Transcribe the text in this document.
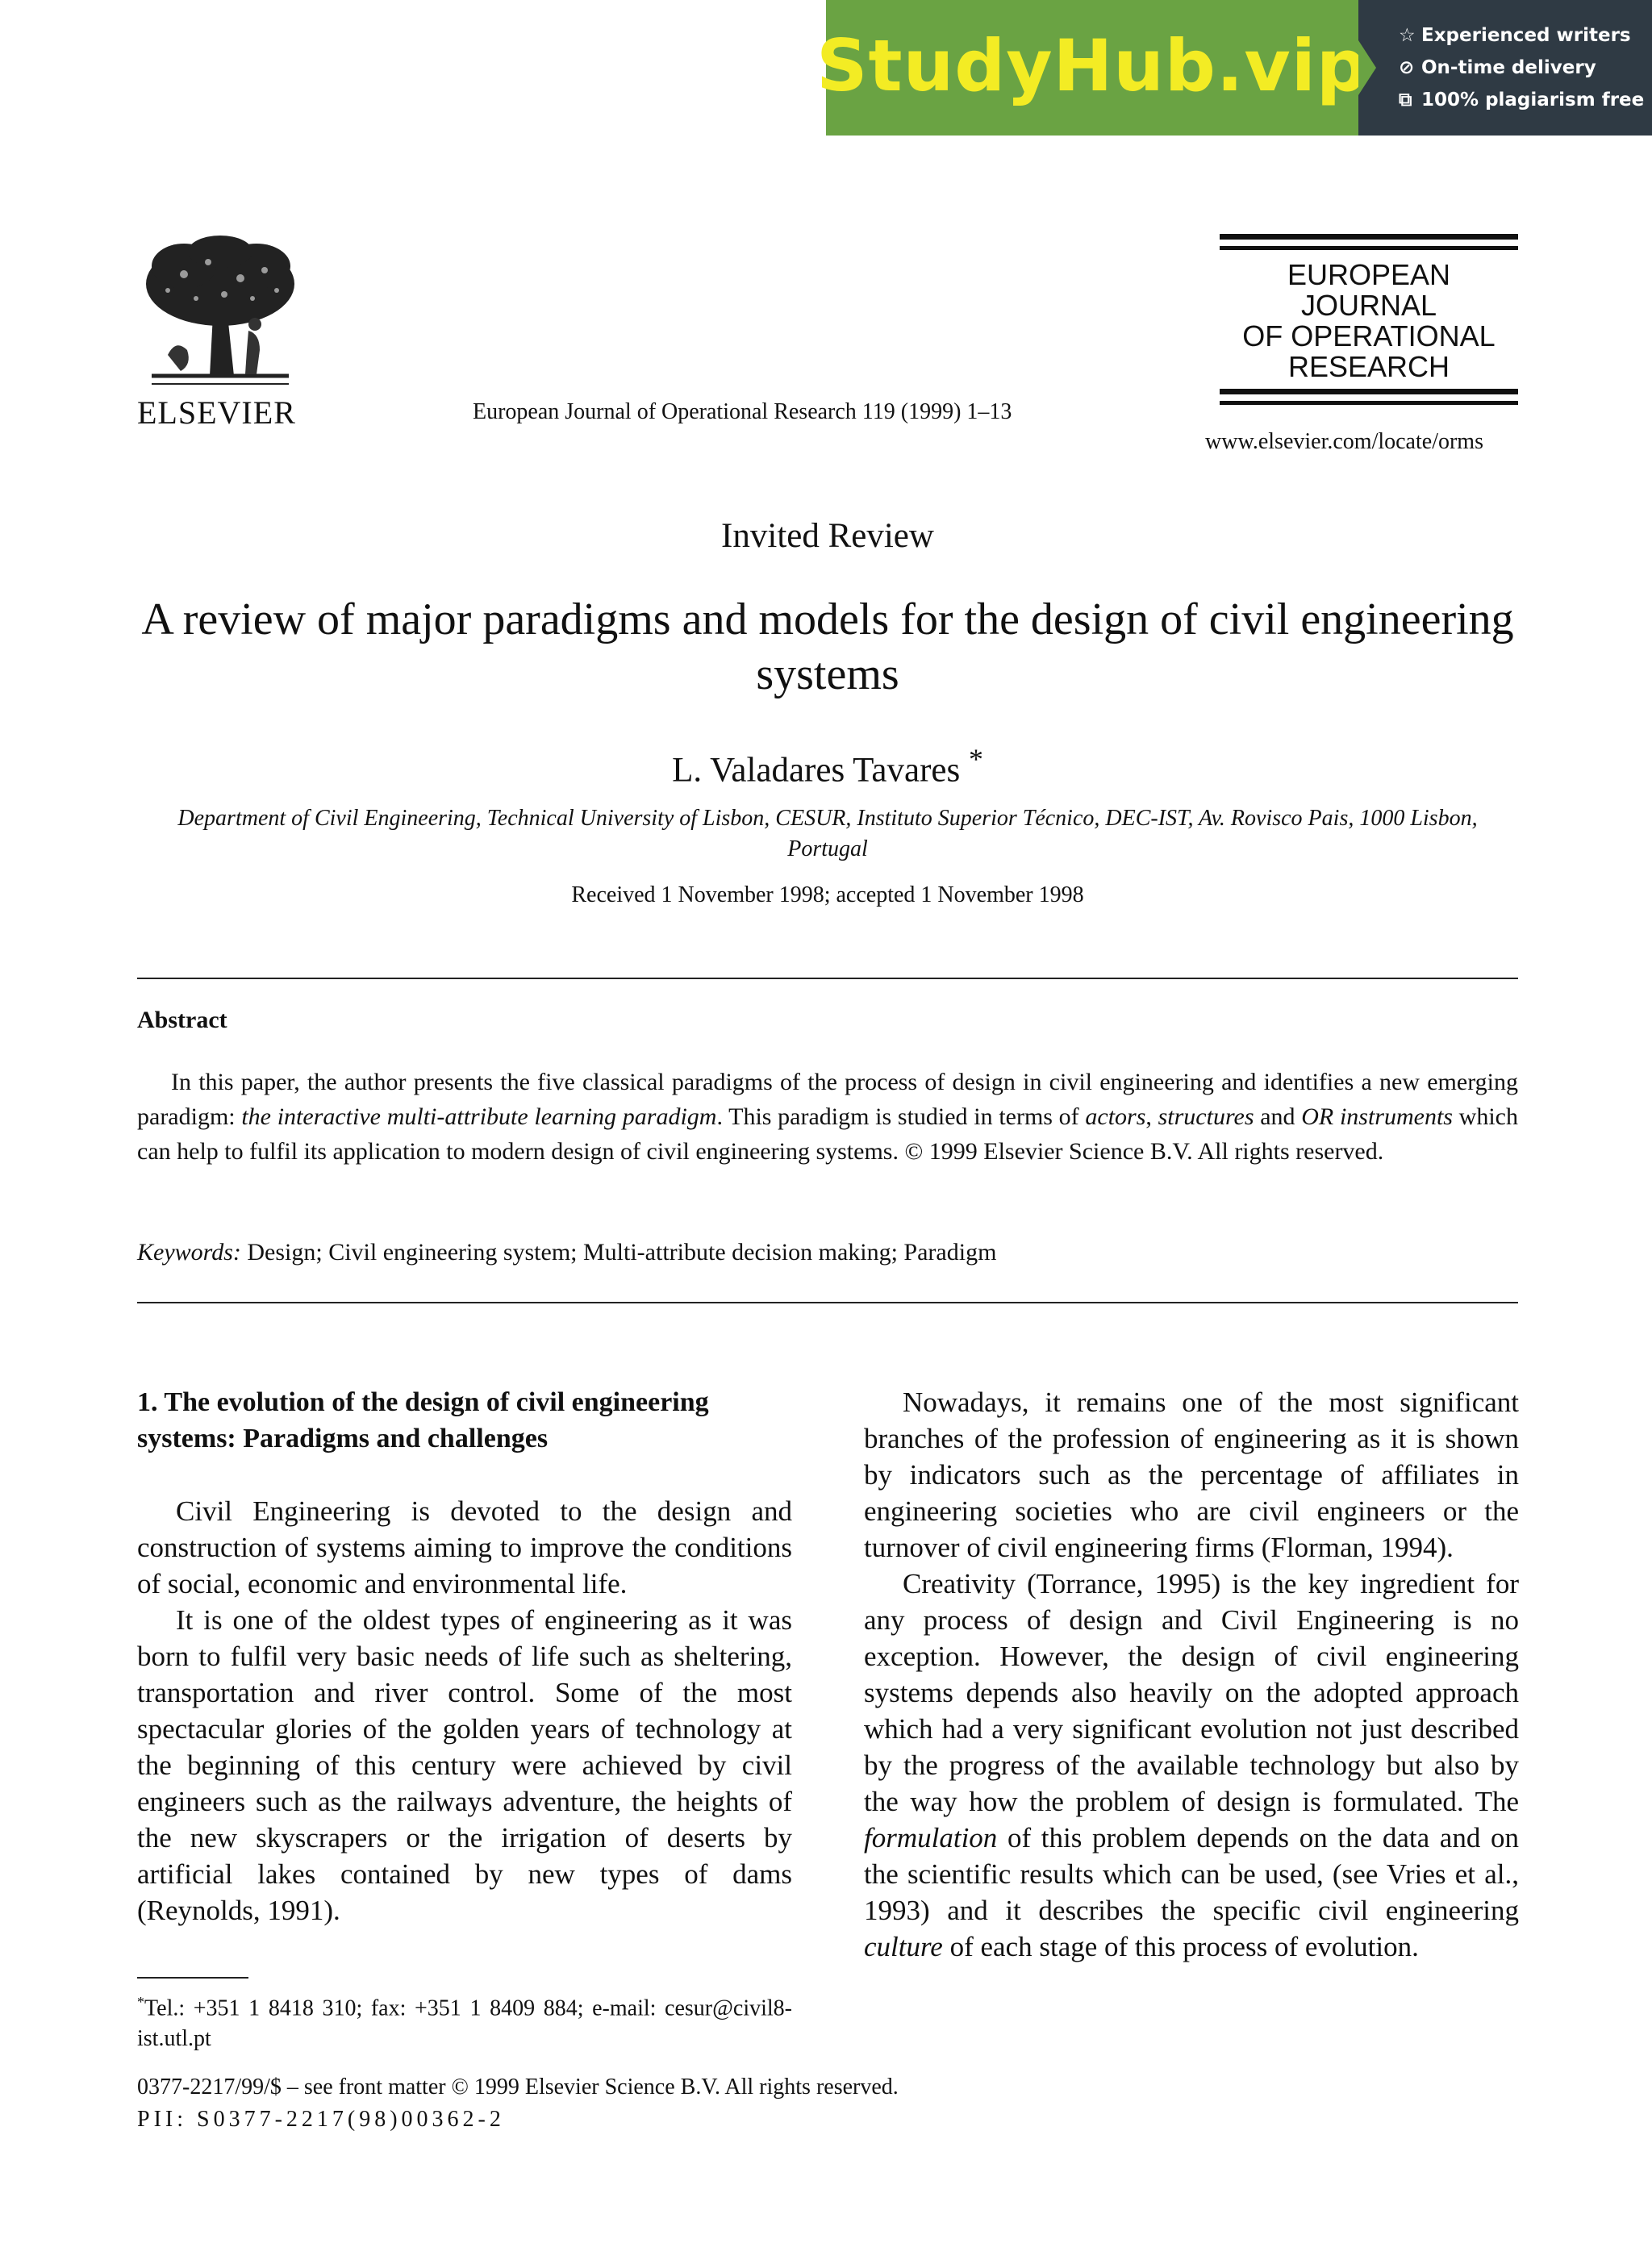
StudyHub.vip ☆ Experienced writers
⊘ On-time delivery
⧉ 100% plagiarism free
ELSEVIER	European Journal of Operational Research 119 (1999) 1–13
EUROPEAN
JOURNAL
OF OPERATIONAL
RESEARCH
www.elsevier.com/locate/orms
Invited Review
A review of major paradigms and models for the design of civil engineering systems
L. Valadares Tavares *
Department of Civil Engineering, Technical University of Lisbon, CESUR, Instituto Superior Técnico, DEC-IST, Av. Rovisco Pais, 1000 Lisbon, Portugal
Received 1 November 1998; accepted 1 November 1998
Abstract
In this paper, the author presents the five classical paradigms of the process of design in civil engineering and identifies a new emerging paradigm: the interactive multi-attribute learning paradigm. This paradigm is studied in terms of actors, structures and OR instruments which can help to fulfil its application to modern design of civil engineering systems. © 1999 Elsevier Science B.V. All rights reserved.
Keywords: Design; Civil engineering system; Multi-attribute decision making; Paradigm
1. The evolution of the design of civil engineering systems: Paradigms and challenges

Civil Engineering is devoted to the design and construction of systems aiming to improve the conditions of social, economic and environmental life.

It is one of the oldest types of engineering as it was born to fulfil very basic needs of life such as sheltering, transportation and river control. Some of the most spectacular glories of the golden years of technology at the beginning of this century were achieved by civil engineers such as the railways adventure, the heights of the new skyscrapers or the irrigation of deserts by artificial lakes contained by new types of dams (Reynolds, 1991).

*Tel.: +351 1 8418 310; fax: +351 1 8409 884; e-mail: cesur@civil8-ist.utl.pt

Nowadays, it remains one of the most significant branches of the profession of engineering as it is shown by indicators such as the percentage of affiliates in engineering societies who are civil engineers or the turnover of civil engineering firms (Florman, 1994).

Creativity (Torrance, 1995) is the key ingredient for any process of design and Civil Engineering is no exception. However, the design of civil engineering systems depends also heavily on the adopted approach which had a very significant evolution not just described by the progress of the available technology but also by the way how the problem of design is formulated. The formulation of this problem depends on the data and on the scientific results which can be used, (see Vries et al., 1993) and it describes the specific civil engineering culture of each stage of this process of evolution.

0377-2217/99/$ – see front matter © 1999 Elsevier Science B.V. All rights reserved.
PII: S0377-2217(98)00362-2
